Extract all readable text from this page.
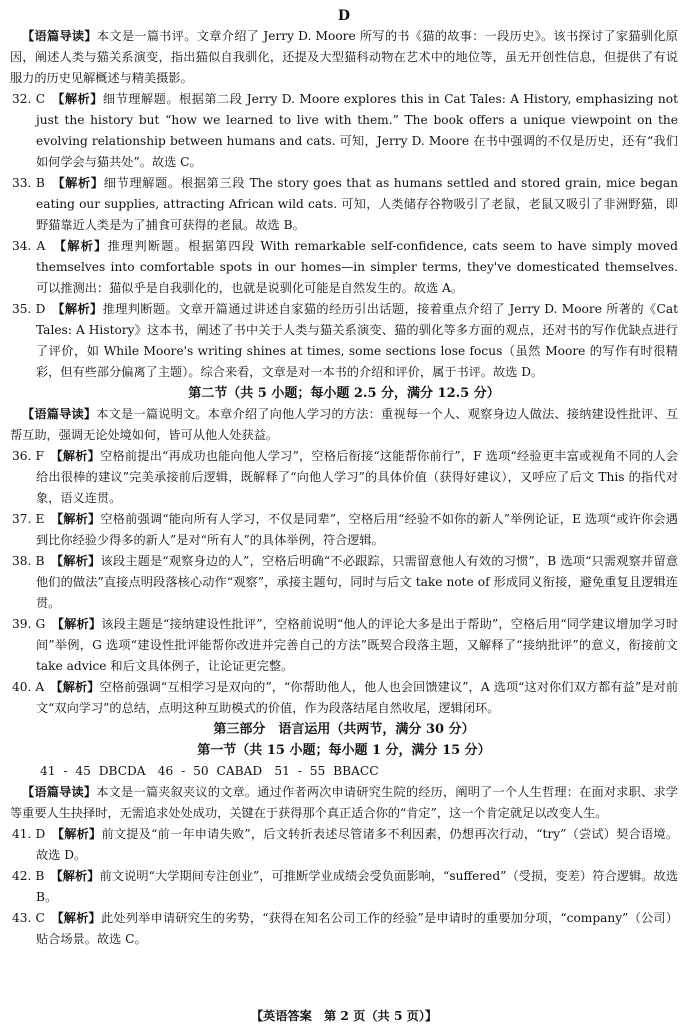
D

【语篇导读】本文是一篇书评。文章介绍了 Jerry D. Moore 所写的书《猫的故事：一段历史》。该书探讨了家猫驯化原因，阐述人类与猫关系演变，指出猫似自我驯化，还提及大型猫科动物在艺术中的地位等，虽无开创性信息，但提供了有说服力的历史见解概述与精美摄影。

32. C　 【解析】细节理解题。根据第二段 Jerry D. Moore explores this in Cat Tales: A History, emphasizing not just the history but “how we learned to live with them.” The book offers a unique viewpoint on the evolving relationship between humans and cats. 可知，Jerry D. Moore 在书中强调的不仅是历史，还有“我们如何学会与猫共处”。故选 C。

33. B　 【解析】细节理解题。根据第三段 The story goes that as humans settled and stored grain, mice began eating our supplies, attracting African wild cats. 可知，人类储存谷物吸引了老鼠，老鼠又吸引了非洲野猫，即野猫靠近人类是为了捕食可获得的老鼠。故选 B。

34. A　 【解析】推理判断题。根据第四段 With remarkable self-confidence, cats seem to have simply moved themselves into comfortable spots in our homes—in simpler terms, they've domesticated themselves. 可以推测出：猫似乎是自我驯化的，也就是说驯化可能是自然发生的。故选 A。

35. D　 【解析】推理判断题。文章开篇通过讲述自家猫的经历引出话题，接着重点介绍了 Jerry D. Moore 所著的《Cat Tales: A History》这本书，阐述了书中关于人类与猫关系演变、猫的驯化等多方面的观点，还对书的写作优缺点进行了评价，如 While Moore's writing shines at times, some sections lose focus（虽然 Moore 的写作有时很精彩，但有些部分偏离了主题）。综合来看，文章是对一本书的介绍和评价，属于书评。故选 D。

第二节（共 5 小题；每小题 2.5 分，满分 12.5 分）

【语篇导读】本文是一篇说明文。本章介绍了向他人学习的方法：重视每一个人、观察身边人做法、接纳建设性批评、互帮互助，强调无论处境如何，皆可从他人处获益。

36. F　 【解析】空格前提出“再成功也能向他人学习”，空格后衔接“这能帮你前行”，F 选项“经验更丰富或视角不同的人会给出很棒的建议”完美承接前后逻辑，既解释了“向他人学习”的具体价值（获得好建议），又呼应了后文 This 的指代对象，语义连贯。

37. E　 【解析】空格前强调“能向所有人学习，不仅是同辈”，空格后用“经验不如你的新人”举例论证，E 选项“或许你会遇到比你经验少得多的新人”是对“所有人”的具体举例，符合逻辑。

38. B　 【解析】该段主题是“观察身边的人”，空格后明确“不必跟踪，只需留意他人有效的习惯”，B 选项“只需观察并留意他们的做法”直接点明段落核心动作“观察”，承接主题句，同时与后文 take note of 形成同义衔接，避免重复且逻辑连贯。

39. G　 【解析】该段主题是“接纳建设性批评”，空格前说明“他人的评论大多是出于帮助”，空格后用“同学建议增加学习时间”举例，G 选项“建设性批评能帮你改进并完善自己的方法”既契合段落主题，又解释了“接纳批评”的意义，衔接前文 take advice 和后文具体例子，让论证更完整。

40. A　 【解析】空格前强调“互相学习是双向的”，“你帮助他人，他人也会回馈建议”，A 选项“这对你们双方都有益”是对前文“双向学习”的总结，点明这种互助模式的价值，作为段落结尾自然收尾，逻辑闭环。

第三部分　语言运用（共两节，满分 30 分）

第一节（共 15 小题；每小题 1 分，满分 15 分）

41 - 45 DBCDA　 46 - 50 CABAD　 51 - 55 BBACC

【语篇导读】本文是一篇夹叙夹议的文章。通过作者两次申请研究生院的经历，阐明了一个人生哲理：在面对求职、求学等重要人生抉择时，无需追求处处成功，关键在于获得那个真正适合你的“肯定”，这一个肯定就足以改变人生。

41. D　 【解析】前文提及“前一年申请失败”，后文转折表述尽管诸多不利因素，仍想再次行动，“try”（尝试）契合语境。故选 D。

42. B　 【解析】前文说明“大学期间专注创业”，可推断学业成绩会受负面影响，“suffered”（受损，变差）符合逻辑。故选 B。

43. C　 【解析】此处列举申请研究生的劣势，“获得在知名公司工作的经验”是申请时的重要加分项，“company”（公司）贴合场景。故选 C。

【英语答案　 第 2 页（共 5 页）】
